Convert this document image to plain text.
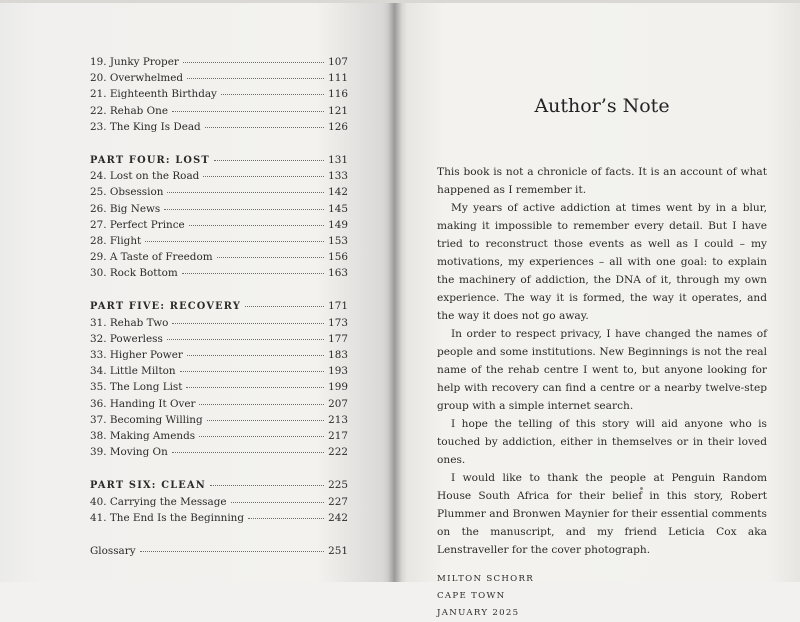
19. Junky Proper	107
20. Overwhelmed	111
21. Eighteenth Birthday	116
22. Rehab One	121
23. The King Is Dead	126
PART FOUR: LOST	131
24. Lost on the Road	133
25. Obsession	142
26. Big News	145
27. Perfect Prince	149
28. Flight	153
29. A Taste of Freedom	156
30. Rock Bottom	163
PART FIVE: RECOVERY	171
31. Rehab Two	173
32. Powerless	177
33. Higher Power	183
34. Little Milton	193
35. The Long List	199
36. Handing It Over	207
37. Becoming Willing	213
38. Making Amends	217
39. Moving On	222
PART SIX: CLEAN	225
40. Carrying the Message	227
41. The End Is the Beginning	242
Glossary	251
Author’s Note

This book is not a chronicle of facts. It is an account of what happened as I remember it.

My years of active addiction at times went by in a blur, making it impossible to remember every detail. But I have tried to reconstruct those events as well as I could – my motivations, my experiences – all with one goal: to explain the machinery of addiction, the DNA of it, through my own experience. The way it is formed, the way it operates, and the way it does not go away.

In order to respect privacy, I have changed the names of people and some institutions. New Beginnings is not the real name of the rehab centre I went to, but anyone looking for help with recovery can find a centre or a nearby twelve-step group with a simple internet search.

I hope the telling of this story will aid anyone who is touched by addiction, either in themselves or in their loved ones.

I would like to thank the people at Penguin Random House South Africa for their belief in this story, Robert Plummer and Bronwen Maynier for their essential comments on the manuscript, and my friend Leticia Cox aka Lenstraveller for the cover photograph.

MILTON SCHORR
CAPE TOWN
JANUARY 2025
